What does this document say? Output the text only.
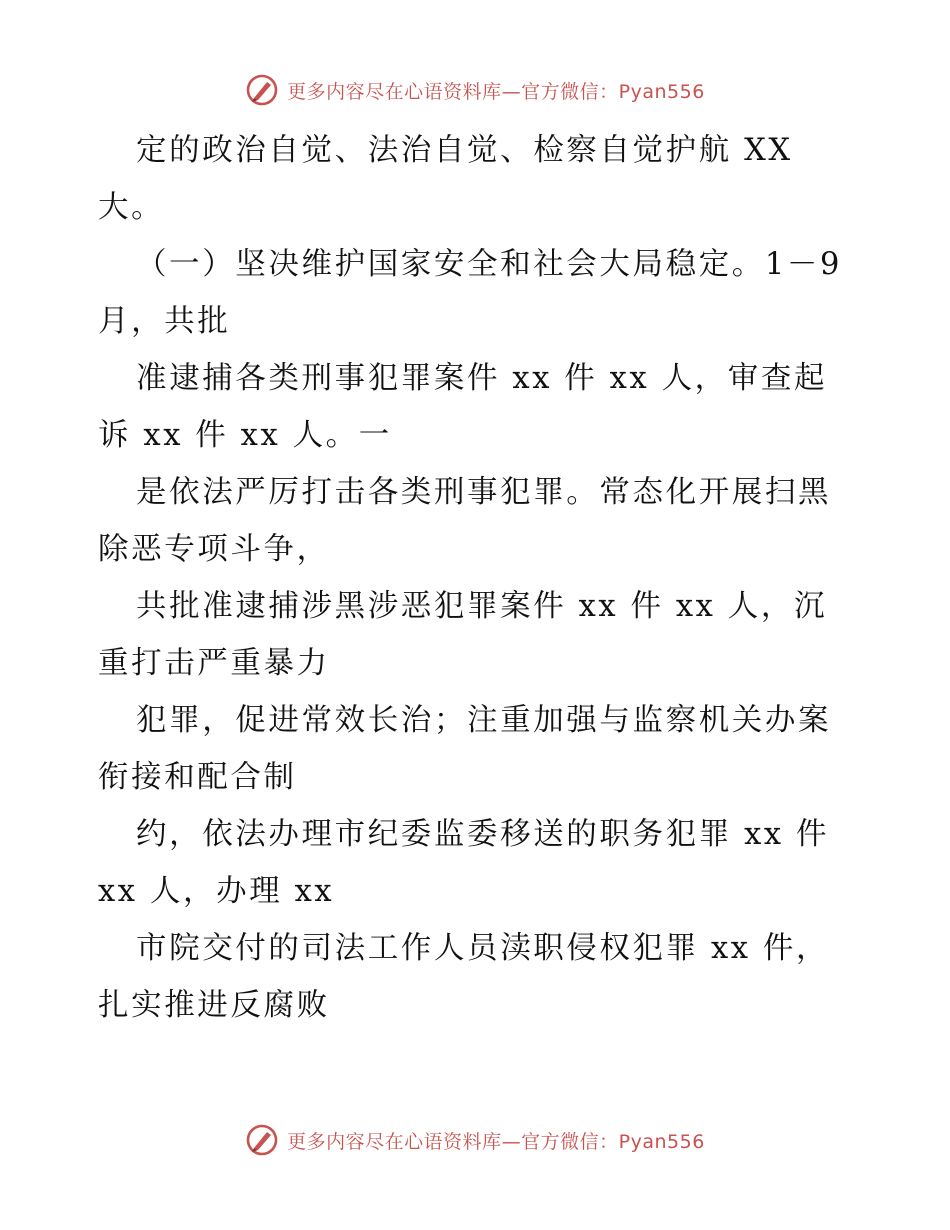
更多内容尽在心语资料库—官方微信：Pyan556
定的政治自觉、法治自觉、检察自觉护航 XX
大。
（一）坚决维护国家安全和社会大局稳定。1－9
月，共批
准逮捕各类刑事犯罪案件 xx 件 xx 人，审查起
诉 xx 件 xx 人。一
是依法严厉打击各类刑事犯罪。常态化开展扫黑
除恶专项斗争，
共批准逮捕涉黑涉恶犯罪案件 xx 件 xx 人，沉
重打击严重暴力
犯罪，促进常效长治；注重加强与监察机关办案
衔接和配合制
约，依法办理市纪委监委移送的职务犯罪 xx 件
xx 人，办理 xx
市院交付的司法工作人员渎职侵权犯罪 xx 件，
扎实推进反腐败
更多内容尽在心语资料库—官方微信：Pyan556
